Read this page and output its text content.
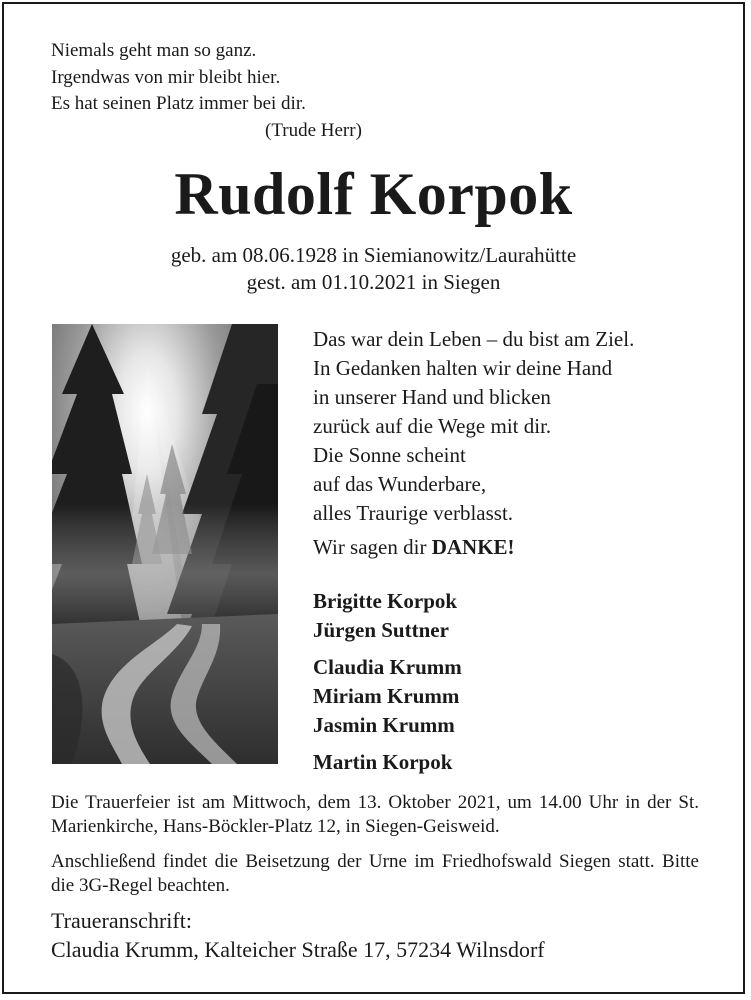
Niemals geht man so ganz.
Irgendwas von mir bleibt hier.
Es hat seinen Platz immer bei dir.
(Trude Herr)
Rudolf Korpok
geb. am 08.06.1928 in Siemianowitz/Laurahütte
gest. am 01.10.2021 in Siegen
Das war dein Leben – du bist am Ziel.
In Gedanken halten wir deine Hand
in unserer Hand und blicken
zurück auf die Wege mit dir.
Die Sonne scheint
auf das Wunderbare,
alles Traurige verblasst.
Wir sagen dir DANKE!
Brigitte Korpok
Jürgen Suttner
Claudia Krumm
Miriam Krumm
Jasmin Krumm
Martin Korpok
Die Trauerfeier ist am Mittwoch, dem 13. Oktober 2021, um 14.00 Uhr in der St. Marienkirche, Hans-Böckler-Platz 12, in Siegen-Geisweid.
Anschließend findet die Beisetzung der Urne im Friedhofswald Siegen statt. Bitte die 3G-Regel beachten.
Traueranschrift:
Claudia Krumm, Kalteicher Straße 17, 57234 Wilnsdorf
